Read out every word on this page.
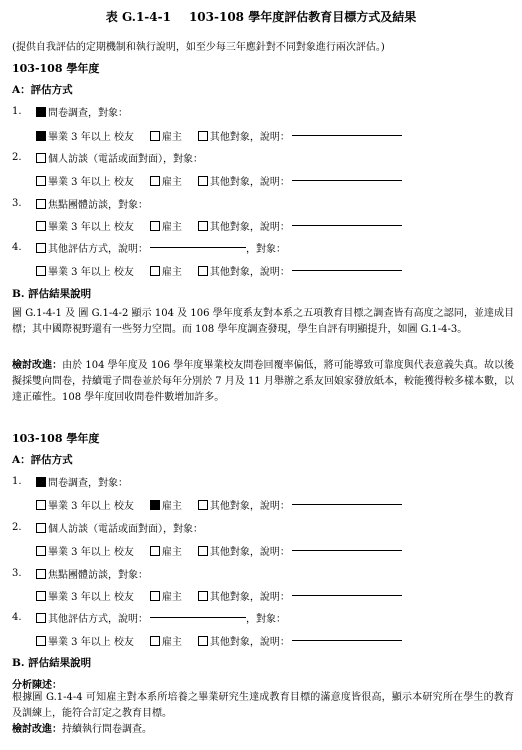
表 G.1-4-1 103-108 學年度評估教育目標方式及結果
(提供自我評估的定期機制和執行說明，如至少每三年應針對不同對象進行兩次評估。)
103-108 學年度
A：評估方式
1.	問卷調查，對象：
畢業 3 年以上 校友	雇主	其他對象，說明：
2.	個人訪談（電話或面對面），對象：
畢業 3 年以上 校友	雇主	其他對象，說明：
3.	焦點團體訪談，對象：
畢業 3 年以上 校友	雇主	其他對象，說明：
4.	其他評估方式，說明：	，對象：
畢業 3 年以上 校友	雇主	其他對象，說明：
B. 評估結果說明
圖 G.1-4-1 及 圖 G.1-4-2 顯示 104 及 106 學年度系友對本系之五項教育目標之調查皆有高度之認同，並達成目標；其中國際視野還有一些努力空間。而 108 學年度調查發現，學生自評有明顯提升，如圖 G.1-4-3。
檢討改進：由於 104 學年度及 106 學年度畢業校友問卷回覆率偏低，將可能導致可靠度與代表意義失真。故以後擬採雙向問卷，持續電子問卷並於每年分別於 7 月及 11 月舉辦之系友回娘家發放紙本，較能獲得較多樣本數，以達正確性。108 學年度回收問卷件數增加許多。
103-108 學年度
A：評估方式
1.	問卷調查，對象：
畢業 3 年以上 校友	雇主	其他對象，說明：
2.	個人訪談（電話或面對面），對象：
畢業 3 年以上 校友	雇主	其他對象，說明：
3.	焦點團體訪談，對象：
畢業 3 年以上 校友	雇主	其他對象，說明：
4.	其他評估方式，說明：	，對象：
畢業 3 年以上 校友	雇主	其他對象，說明：
B. 評估結果說明
分析陳述：
根據圖 G.1-4-4 可知雇主對本系所培養之畢業研究生達成教育目標的滿意度皆很高，顯示本研究所在學生的教育及訓練上，能符合訂定之教育目標。
檢討改進：持續執行問卷調查。
